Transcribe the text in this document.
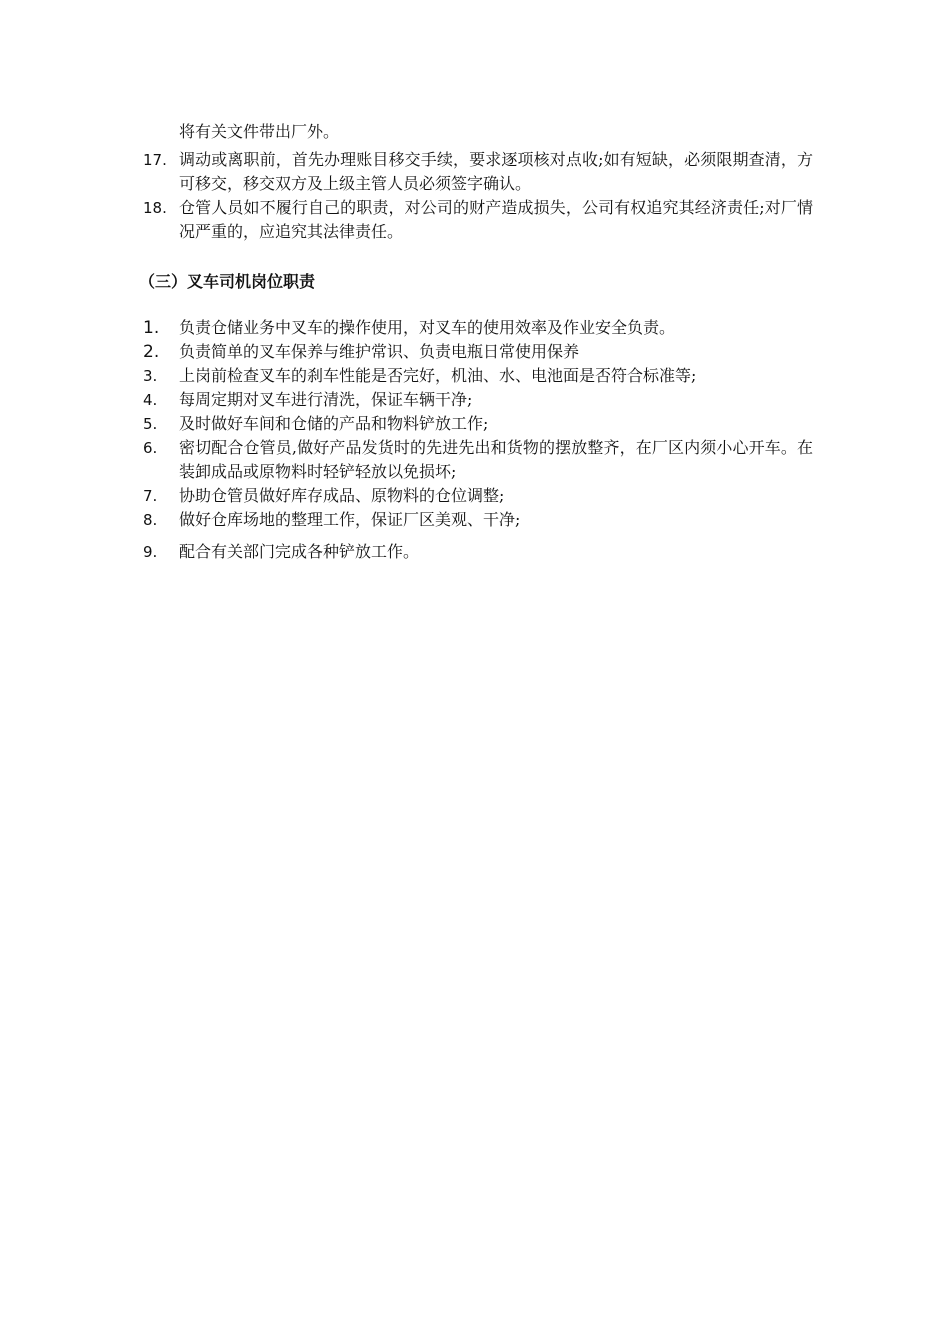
将有关文件带出厂外。

17. 调动或离职前，首先办理账目移交手续，要求逐项核对点收;如有短缺，必须限期查清，方可移交，移交双方及上级主管人员必须签字确认。
18. 仓管人员如不履行自己的职责，对公司的财产造成损失，公司有权追究其经济责任;对厂情况严重的，应追究其法律责任。
（三）叉车司机岗位职责
1.	负责仓储业务中叉车的操作使用，对叉车的使用效率及作业安全负责。
2.	负责简单的叉车保养与维护常识、负责电瓶日常使用保养
3.	上岗前检查叉车的刹车性能是否完好，机油、水、电池面是否符合标准等;
4.	每周定期对叉车进行清洗，保证车辆干净;
5.	及时做好车间和仓储的产品和物料铲放工作;
6.	密切配合仓管员,做好产品发货时的先进先出和货物的摆放整齐，在厂区内须小心开车。在装卸成品或原物料时轻铲轻放以免损坏;
7.	协助仓管员做好库存成品、原物料的仓位调整;
8.	做好仓库场地的整理工作，保证厂区美观、干净;
9.	配合有关部门完成各种铲放工作。
